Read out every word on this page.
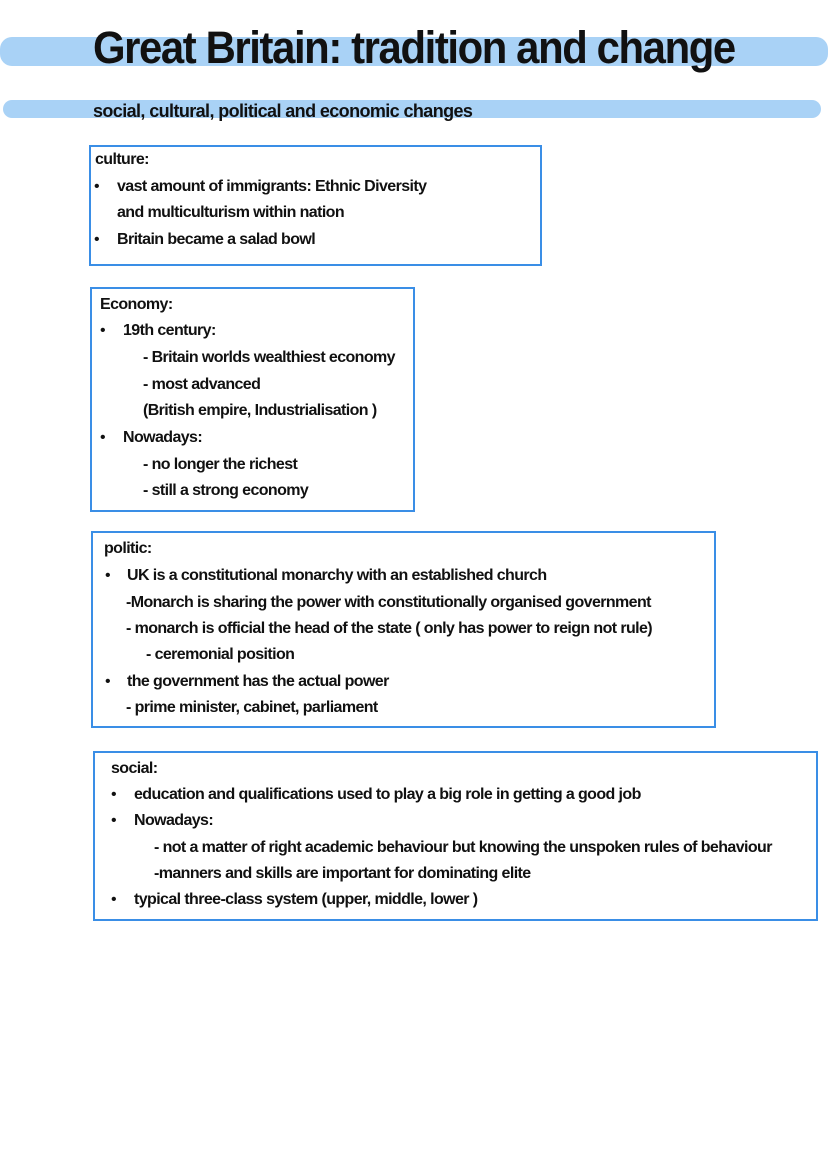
Great Britain: tradition and change
social, cultural, political and economic changes
culture:
• vast amount of immigrants: Ethnic Diversity
and multiculturism within nation
• Britain became a salad bowl
Economy:
• 19th century:
- Britain worlds wealthiest economy
- most advanced
(British empire, Industrialisation )
• Nowadays:
- no longer the richest
- still a strong economy
politic:
• UK is a constitutional monarchy with an established church
-Monarch is sharing the power with constitutionally organised government
- monarch is official the head of the state ( only has power to reign not rule)
- ceremonial position
• the government has the actual power
- prime minister, cabinet, parliament
social:
• education and qualifications used to play a big role in getting a good job
• Nowadays:
- not a matter of right academic behaviour but knowing the unspoken rules of behaviour
-manners and skills are important for dominating elite
• typical three-class system (upper, middle, lower )
